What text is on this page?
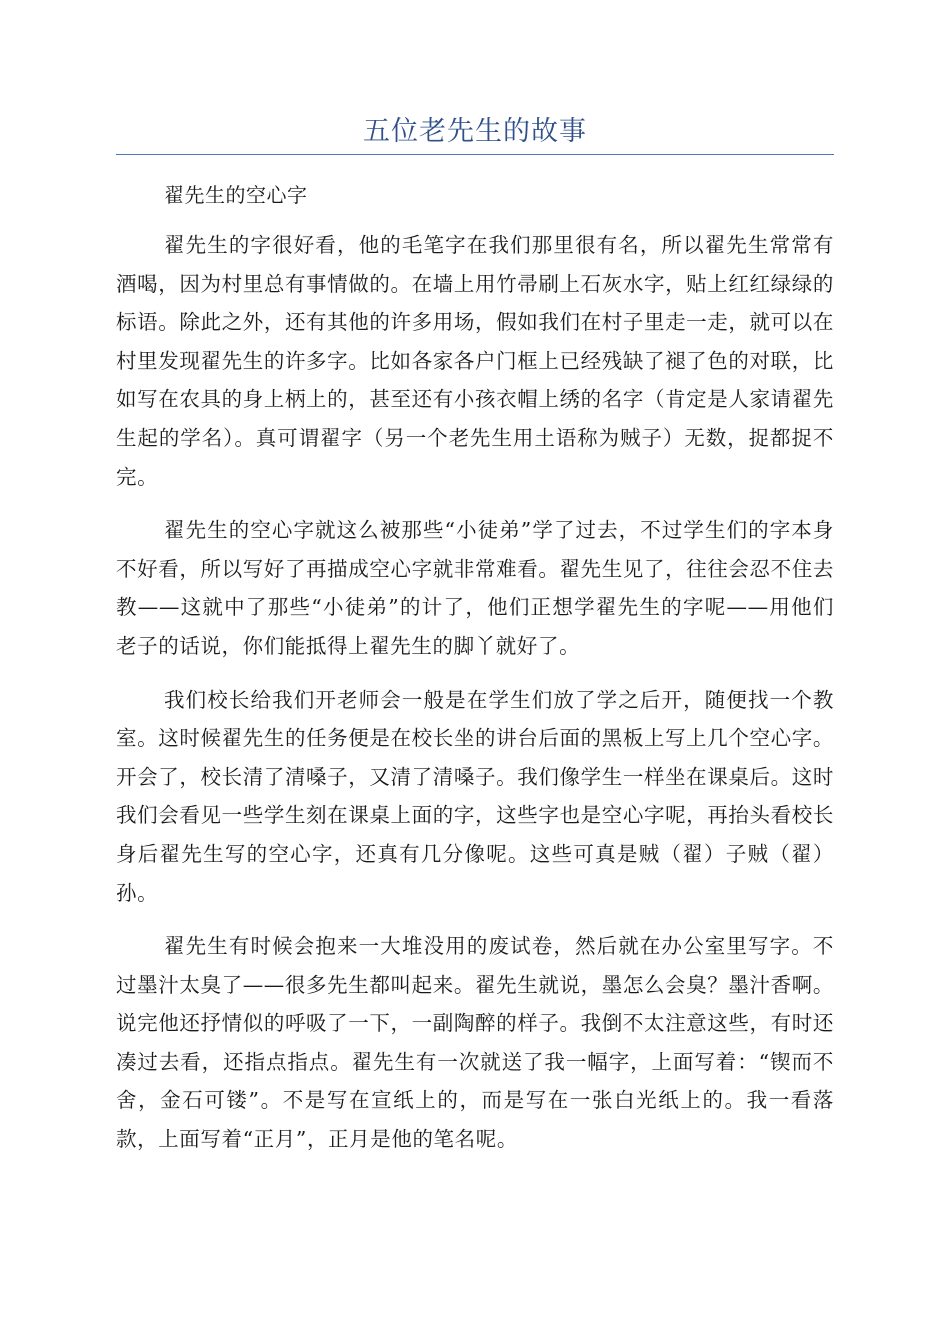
五位老先生的故事
翟先生的空心字

翟先生的字很好看，他的毛笔字在我们那里很有名，所以翟先生常常有酒喝，因为村里总有事情做的。在墙上用竹帚刷上石灰水字，贴上红红绿绿的标语。除此之外，还有其他的许多用场，假如我们在村子里走一走，就可以在村里发现翟先生的许多字。比如各家各户门框上已经残缺了褪了色的对联，比如写在农具的身上柄上的，甚至还有小孩衣帽上绣的名字（肯定是人家请翟先生起的学名）。真可谓翟字（另一个老先生用土语称为贼子）无数，捉都捉不完。

翟先生的空心字就这么被那些“小徒弟”学了过去，不过学生们的字本身不好看，所以写好了再描成空心字就非常难看。翟先生见了，往往会忍不住去教——这就中了那些“小徒弟”的计了，他们正想学翟先生的字呢——用他们老子的话说，你们能抵得上翟先生的脚丫就好了。

我们校长给我们开老师会一般是在学生们放了学之后开，随便找一个教室。这时候翟先生的任务便是在校长坐的讲台后面的黑板上写上几个空心字。开会了，校长清了清嗓子，又清了清嗓子。我们像学生一样坐在课桌后。这时我们会看见一些学生刻在课桌上面的字，这些字也是空心字呢，再抬头看校长身后翟先生写的空心字，还真有几分像呢。这些可真是贼（翟）子贼（翟）孙。

翟先生有时候会抱来一大堆没用的废试卷，然后就在办公室里写字。不过墨汁太臭了——很多先生都叫起来。翟先生就说，墨怎么会臭？墨汁香啊。说完他还抒情似的呼吸了一下，一副陶醉的样子。我倒不太注意这些，有时还凑过去看，还指点指点。翟先生有一次就送了我一幅字，上面写着：“锲而不舍，金石可镂”。不是写在宣纸上的，而是写在一张白光纸上的。我一看落款，上面写着“正月”，正月是他的笔名呢。
